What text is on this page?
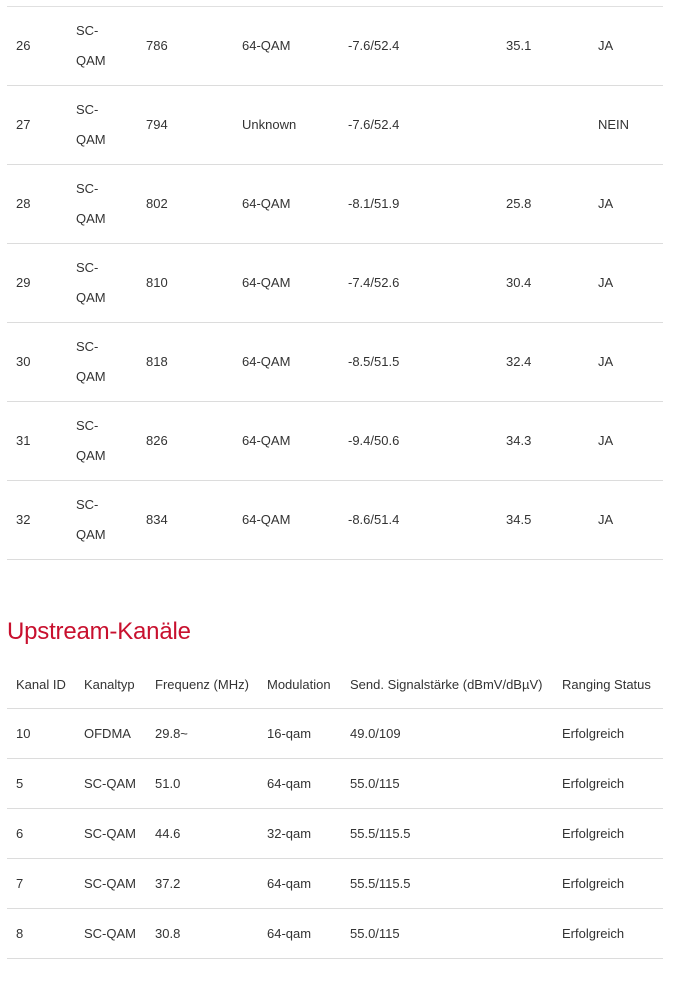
26	SC-
QAM	786	64-QAM	-7.6/52.4	35.1	JA
27	SC-
QAM	794	Unknown	-7.6/52.4		NEIN
28	SC-
QAM	802	64-QAM	-8.1/51.9	25.8	JA
29	SC-
QAM	810	64-QAM	-7.4/52.6	30.4	JA
30	SC-
QAM	818	64-QAM	-8.5/51.5	32.4	JA
31	SC-
QAM	826	64-QAM	-9.4/50.6	34.3	JA
32	SC-
QAM	834	64-QAM	-8.6/51.4	34.5	JA
Upstream-Kanäle
Kanal ID	Kanaltyp	Frequenz (MHz)	Modulation	Send. Signalstärke (dBmV/dBµV)	Ranging Status
10	OFDMA	29.8~	16-qam	49.0/109	Erfolgreich
5	SC-QAM	51.0	64-qam	55.0/115	Erfolgreich
6	SC-QAM	44.6	32-qam	55.5/115.5	Erfolgreich
7	SC-QAM	37.2	64-qam	55.5/115.5	Erfolgreich
8	SC-QAM	30.8	64-qam	55.0/115	Erfolgreich
